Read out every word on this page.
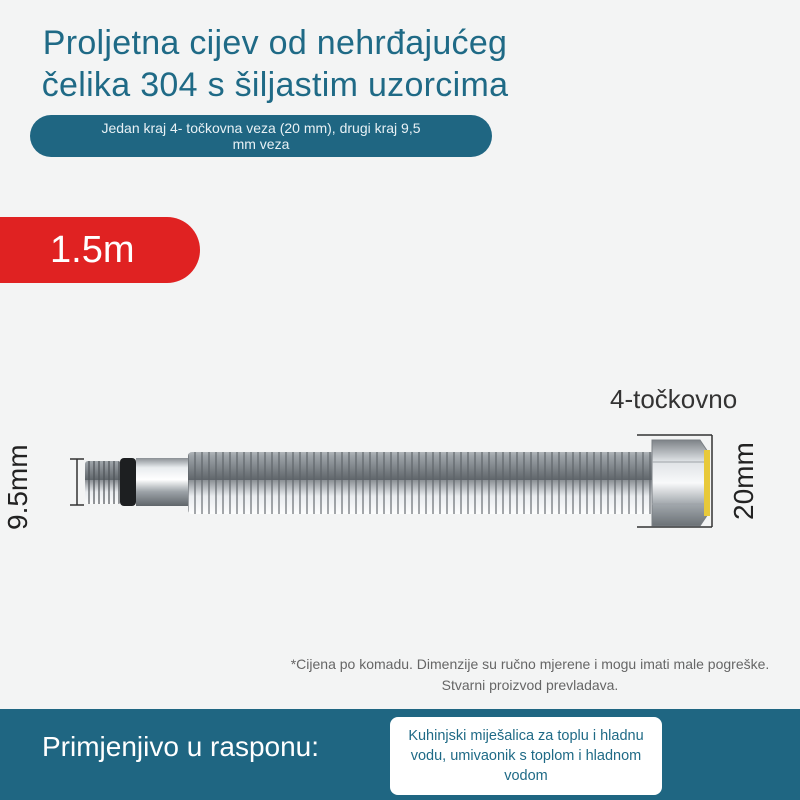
Proljetna cijev od nehrđajućeg
čelika 304 s šiljastim uzorcima
Jedan kraj 4- točkovna veza (20 mm), drugi kraj 9,5 mm veza
1.5m
4-točkovno
9.5mm	20mm
*Cijena po komadu. Dimenzije su ručno mjerene i mogu imati male pogreške. Stvarni proizvod prevladava.
Primjenjivo u rasponu:	Kuhinjski miješalica za toplu i hladnu vodu, umivaonik s toplom i hladnom vodom
